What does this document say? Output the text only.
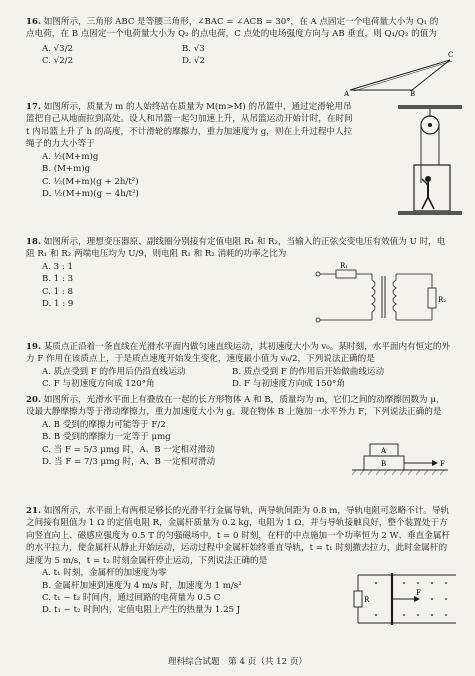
16. 如图所示，三角形 ABC 是等腰三角形，∠BAC = ∠ACB = 30°，在 A 点固定一个电荷量大小为 Q₁ 的点电荷，在 B 点固定一个电荷量大小为 Q₂ 的点电荷，C 点处的电场强度方向与 AB 垂直，则 Q₁/Q₂ 的值为
A. √3/2	B. √3
C. √2/2	D. √2
A	B
C
17. 如图所示，质量为 m 的人始终站在质量为 M(m>M) 的吊篮中，通过定滑轮用吊篮把自己从地面拉到高处。设人和吊篮一起匀加速上升，从吊篮运动开始计时，在时间 t 内吊篮上升了 h 的高度，不计滑轮的摩擦力，重力加速度为 g，则在上升过程中人拉绳子的力大小等于
A. ½(M+m)g
B. (M+m)g
C. ½(M+m)(g + 2h/t²)
D. ½(M+m)(g − 4h/t²)
18. 如图所示，理想变压器原、副线圈分别接有定值电阻 R₁ 和 R₂，当输入的正弦交变电压有效值为 U 时，电阻 R₁ 和 R₂ 两端电压均为 U/9，则电阻 R₁ 和 R₂ 消耗的功率之比为
A. 3 : 1
B. 1 : 3
C. 1 : 8
D. 1 : 9
R₁
R₂
19. 某质点正沿着一条直线在光滑水平面内做匀速直线运动，其初速度大小为 v₀。某时刻，水平面内有恒定的外力 F 作用在该质点上，于是质点速度开始发生变化，速度最小值为 v₀/2，下列说法正确的是
A. 质点受到 F 的作用后仍沿直线运动	B. 质点受到 F 的作用后开始做曲线运动
C. F 与初速度方向成 120°角	D. F 与初速度方向成 150°角
20. 如图所示，光滑水平面上有叠放在一起的长方形物体 A 和 B，质量均为 m，它们之间的动摩擦因数为 μ，设最大静摩擦力等于滑动摩擦力，重力加速度大小为 g。现在物体 B 上施加一水平外力 F，下列说法正确的是
A. B 受到的摩擦力可能等于 F/2
B. B 受到的摩擦力一定等于 μmg
C. 当 F = 5/3 μmg 时，A、B 一定相对滑动
D. 当 F = 7/3 μmg 时，A、B 一定相对滑动
A
B	F
21. 如图所示，水平面上有两根足够长的光滑平行金属导轨，两导轨间距为 0.8 m，导轨电阻可忽略不计。导轨之间接有阻值为 1 Ω 的定值电阻 R，金属杆质量为 0.2 kg，电阻为 1 Ω，并与导轨接触良好，整个装置处于方向竖直向上、磁感应强度为 0.5 T 的匀强磁场中。t = 0 时刻，在杆的中点施加一个功率恒为 2 W、垂直金属杆的水平拉力，使金属杆从静止开始运动，运动过程中金属杆始终垂直导轨，t = t₁ 时刻撤去拉力，此时金属杆的速度为 5 m/s，t = t₂ 时刻金属杆停止运动，下列说法正确的是
A. t₁ 时刻，金属杆的加速度为零
B. 金属杆加速到速度为 4 m/s 时，加速度为 1 m/s²
C. t₁ ~ t₂ 时间内，通过回路的电荷量为 0.5 C
D. t₁ ~ t₂ 时间内，定值电阻上产生的热量为 1.25 J
R
F
理科综合试题　第 4 页（共 12 页）
